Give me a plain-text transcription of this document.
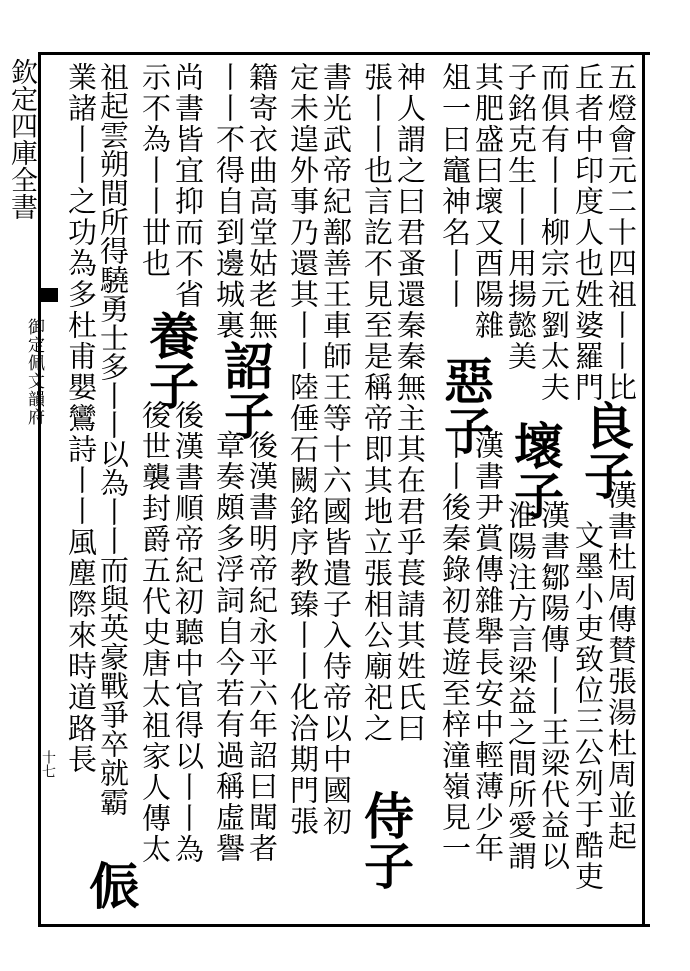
欽定四庫全書
御定佩文韻府
十七	漢書杜周傳賛張湯杜周並起
文墨小吏致位三公列于酷吏
五燈會元二十四祖丨丨比
丘者中印度人也姓婆羅門
而俱有丨丨柳宗元劉太夫
子銘克生丨丨用揚懿美
其肥盛曰壞又酉陽雜
俎一曰竈神名丨丨
漢書鄒陽傳丨丨王梁代益以
淮陽注方言梁益之間所愛謂
漢書尹賞傳雜舉長安中輕薄少年
丨丨後秦錄初萇遊至梓潼嶺見一
神人謂之曰君蚤還秦秦無主其在君乎萇請其姓氏曰
張丨丨也言訖不見至是稱帝即其地立張相公廟祀之
書光武帝紀鄯善王車師王等十六國皆遣子入侍帝以中國初
定未遑外事乃還其丨丨陸倕石闕銘序教臻丨丨化洽期門張
籍寄衣曲高堂姑老無
丨丨不得自到邊城裏
後漢書明帝紀永平六年詔曰聞者
章奏頗多浮詞自今若有過稱虛譽
尚書皆宜抑而不省
示不為丨丨丗也
後漢書順帝紀初聽中官得以丨丨為
後世襲封爵五代史唐太祖家人傳太
祖起雲朔間所得驍勇士多丨丨以為丨丨而與英豪戰爭卒就霸
業諸丨丨之功為多杜甫嬰鸞詩丨丨風塵際來時道路長	良子
壞子
惡子
侍子
詔子
養子
侲
